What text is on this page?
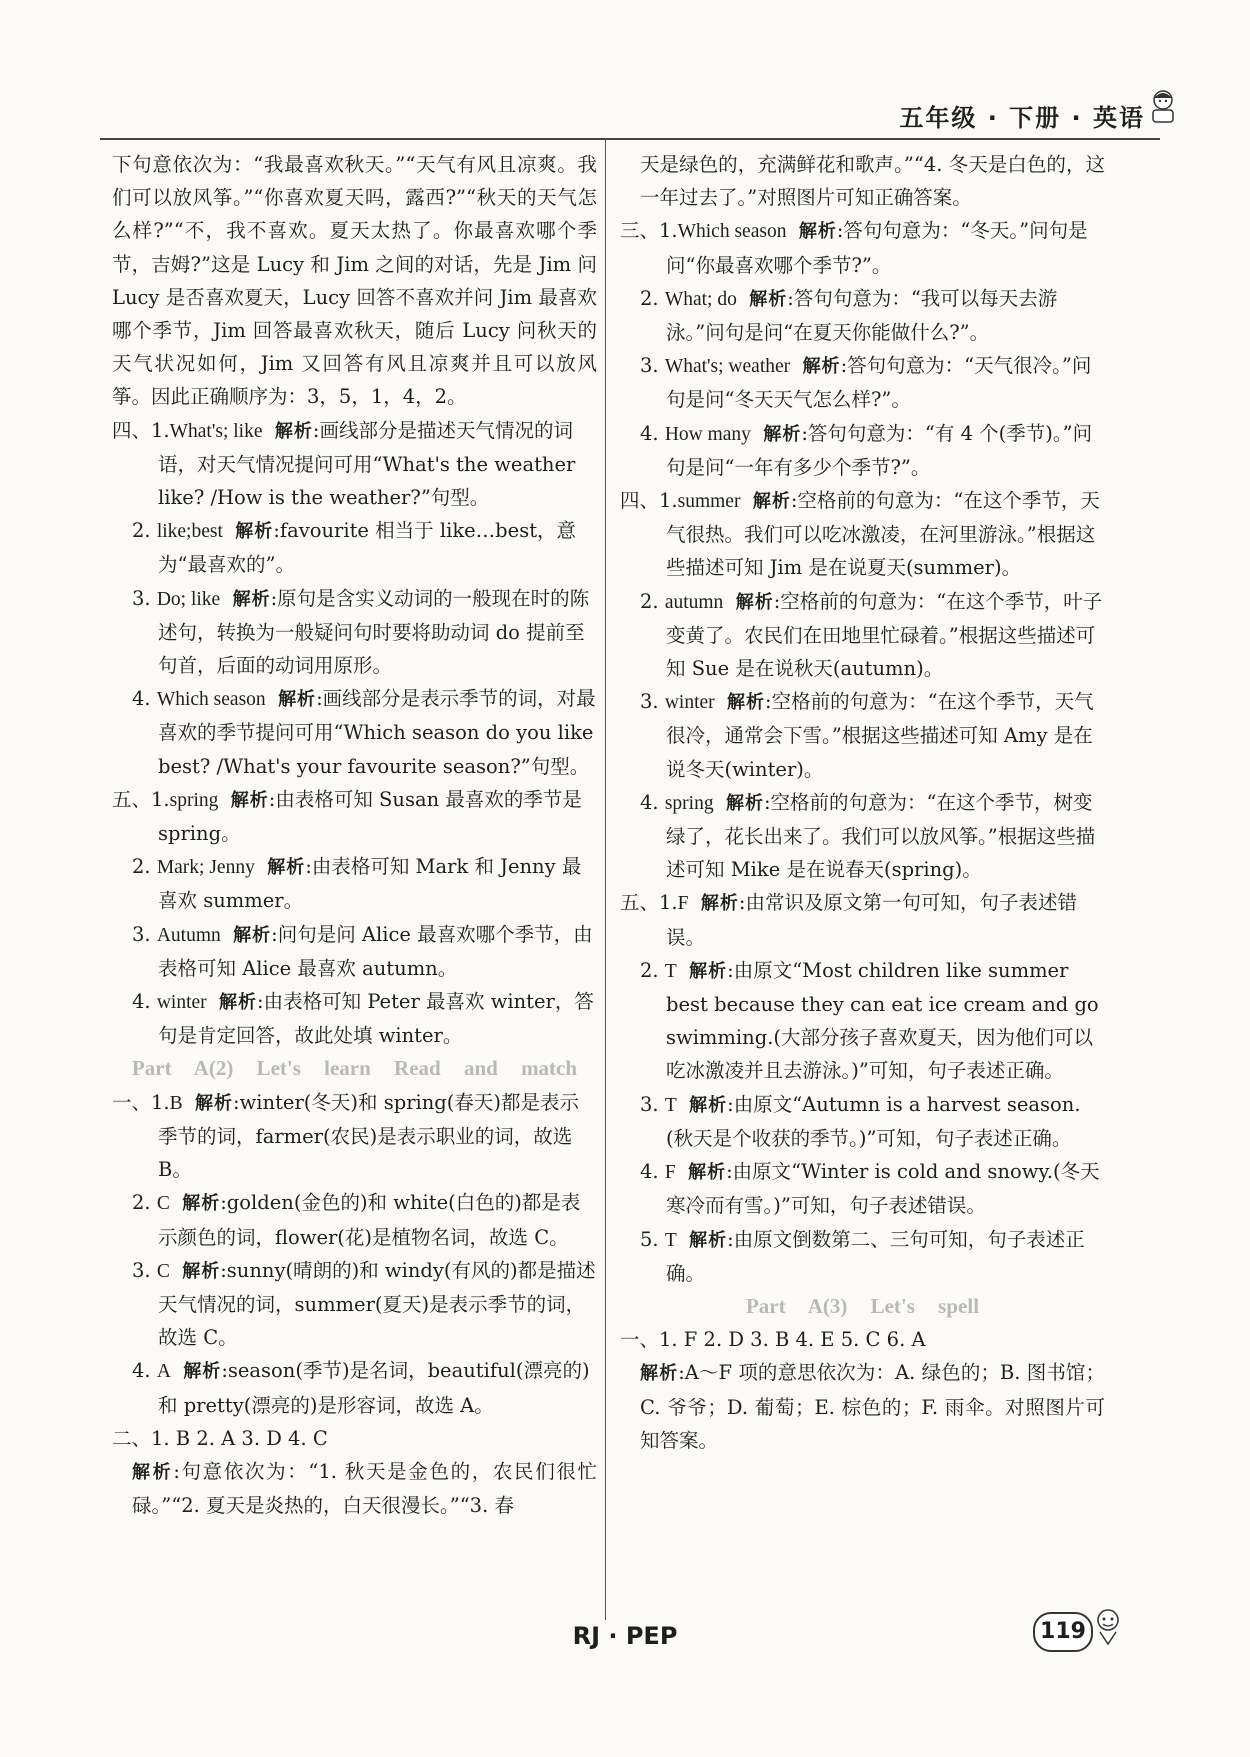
五年级 · 下册 · 英语

下句意依次为：“我最喜欢秋天。”“天气有风且凉爽。我们可以放风筝。”“你喜欢夏天吗，露西?”“秋天的天气怎么样?”“不，我不喜欢。夏天太热了。你最喜欢哪个季节，吉姆?”这是 Lucy 和 Jim 之间的对话，先是 Jim 问 Lucy 是否喜欢夏天，Lucy 回答不喜欢并问 Jim 最喜欢哪个季节，Jim 回答最喜欢秋天，随后 Lucy 问秋天的天气状况如何，Jim 又回答有风且凉爽并且可以放风筝。因此正确顺序为：3，5，1，4，2。

四、1.What's; like 解析:画线部分是描述天气情况的词语，对天气情况提问可用“What's the weather like? /How is the weather?”句型。

2. like;best 解析:favourite 相当于 like…best，意为“最喜欢的”。

3. Do; like 解析:原句是含实义动词的一般现在时的陈述句，转换为一般疑问句时要将助动词 do 提前至句首，后面的动词用原形。

4. Which season 解析:画线部分是表示季节的词，对最喜欢的季节提问可用“Which season do you like best? /What's your favourite season?”句型。

五、1.spring 解析:由表格可知 Susan 最喜欢的季节是 spring。

2. Mark; Jenny 解析:由表格可知 Mark 和 Jenny 最喜欢 summer。

3. Autumn 解析:问句是问 Alice 最喜欢哪个季节，由表格可知 Alice 最喜欢 autumn。

4. winter 解析:由表格可知 Peter 最喜欢 winter，答句是肯定回答，故此处填 winter。

Part A(2) Let's learn Read and match

一、1.B 解析:winter(冬天)和 spring(春天)都是表示季节的词，farmer(农民)是表示职业的词，故选 B。

2. C 解析:golden(金色的)和 white(白色的)都是表示颜色的词，flower(花)是植物名词，故选 C。

3. C 解析:sunny(晴朗的)和 windy(有风的)都是描述天气情况的词，summer(夏天)是表示季节的词，故选 C。

4. A 解析:season(季节)是名词，beautiful(漂亮的)和 pretty(漂亮的)是形容词，故选 A。

二、1. B 2. A 3. D 4. C

解析:句意依次为：“1. 秋天是金色的，农民们很忙碌。”“2. 夏天是炎热的，白天很漫长。”“3. 春

天是绿色的，充满鲜花和歌声。”“4. 冬天是白色的，这一年过去了。”对照图片可知正确答案。

三、1.Which season 解析:答句句意为：“冬天。”问句是问“你最喜欢哪个季节?”。

2. What; do 解析:答句句意为：“我可以每天去游泳。”问句是问“在夏天你能做什么?”。

3. What's; weather 解析:答句句意为：“天气很冷。”问句是问“冬天天气怎么样?”。

4. How many 解析:答句句意为：“有 4 个(季节)。”问句是问“一年有多少个季节?”。

四、1.summer 解析:空格前的句意为：“在这个季节，天气很热。我们可以吃冰激凌，在河里游泳。”根据这些描述可知 Jim 是在说夏天(summer)。

2. autumn 解析:空格前的句意为：“在这个季节，叶子变黄了。农民们在田地里忙碌着。”根据这些描述可知 Sue 是在说秋天(autumn)。

3. winter 解析:空格前的句意为：“在这个季节，天气很冷，通常会下雪。”根据这些描述可知 Amy 是在说冬天(winter)。

4. spring 解析:空格前的句意为：“在这个季节，树变绿了，花长出来了。我们可以放风筝。”根据这些描述可知 Mike 是在说春天(spring)。

五、1.F 解析:由常识及原文第一句可知，句子表述错误。

2. T 解析:由原文“Most children like summer best because they can eat ice cream and go swimming.(大部分孩子喜欢夏天，因为他们可以吃冰激凌并且去游泳。)”可知，句子表述正确。

3. T 解析:由原文“Autumn is a harvest season.(秋天是个收获的季节。)”可知，句子表述正确。

4. F 解析:由原文“Winter is cold and snowy.(冬天寒冷而有雪。)”可知，句子表述错误。

5. T 解析:由原文倒数第二、三句可知，句子表述正确。

Part A(3) Let's spell

一、1. F 2. D 3. B 4. E 5. C 6. A

解析:A～F 项的意思依次为：A. 绿色的；B. 图书馆；C. 爷爷；D. 葡萄；E. 棕色的；F. 雨伞。对照图片可知答案。

RJ · PEP	119
